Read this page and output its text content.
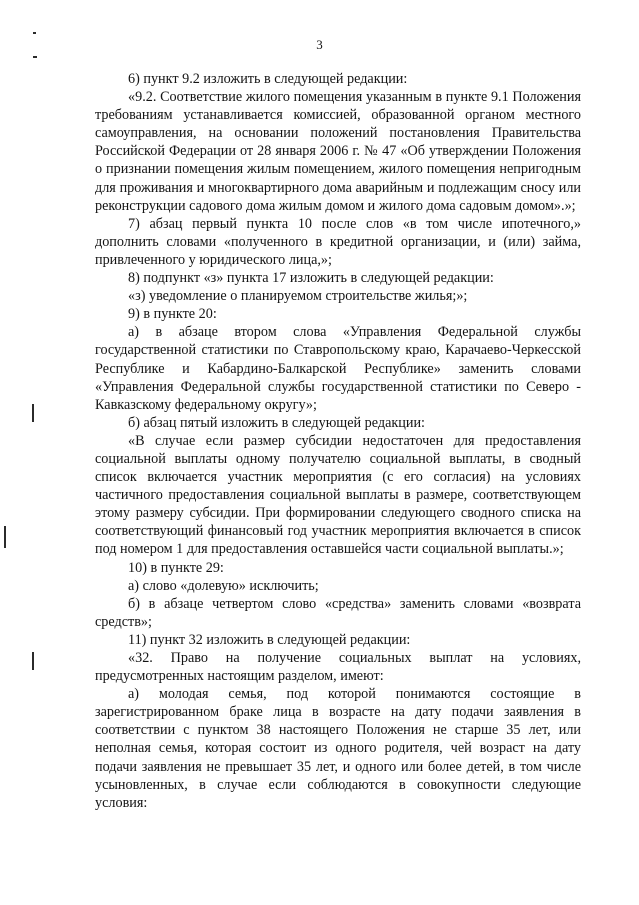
3

6) пункт 9.2 изложить в следующей редакции:

«9.2. Соответствие жилого помещения указанным в пункте 9.1 Положения требованиям устанавливается комиссией, образованной органом местного самоуправления, на основании положений постановления Правительства Российской Федерации от 28 января 2006 г. № 47 «Об утверждении Положения о признании помещения жилым помещением, жилого помещения непригодным для проживания и многоквартирного дома аварийным и подлежащим сносу или реконструкции садового дома жилым домом и жилого дома садовым домом».»;

7) абзац первый пункта 10 после слов «в том числе ипотечного,» дополнить словами «полученного в кредитной организации, и (или) займа, привлеченного у юридического лица,»;

8) подпункт «з» пункта 17 изложить в следующей редакции:

«з) уведомление о планируемом строительстве жилья;»;

9) в пункте 20:

а) в абзаце втором слова «Управления Федеральной службы государственной статистики по Ставропольскому краю, Карачаево-Черкесской Республике и Кабардино-Балкарской Республике» заменить словами «Управления Федеральной службы государственной статистики по Северо - Кавказскому федеральному округу»;

б) абзац пятый изложить в следующей редакции:

«В случае если размер субсидии недостаточен для предоставления социальной выплаты одному получателю социальной выплаты, в сводный список включается участник мероприятия (с его согласия) на условиях частичного предоставления социальной выплаты в размере, соответствующем этому размеру субсидии. При формировании следующего сводного списка на соответствующий финансовый год участник мероприятия включается в список под номером 1 для предоставления оставшейся части социальной выплаты.»;

10) в пункте 29:

а) слово «долевую» исключить;

б) в абзаце четвертом слово «средства» заменить словами «возврата средств»;

11) пункт 32 изложить в следующей редакции:

«32. Право на получение социальных выплат на условиях, предусмотренных настоящим разделом, имеют:

а) молодая семья, под которой понимаются состоящие в зарегистрированном браке лица в возрасте на дату подачи заявления в соответствии с пунктом 38 настоящего Положения не старше 35 лет, или неполная семья, которая состоит из одного родителя, чей возраст на дату подачи заявления не превышает 35 лет, и одного или более детей, в том числе усыновленных, в случае если соблюдаются в совокупности следующие условия:
